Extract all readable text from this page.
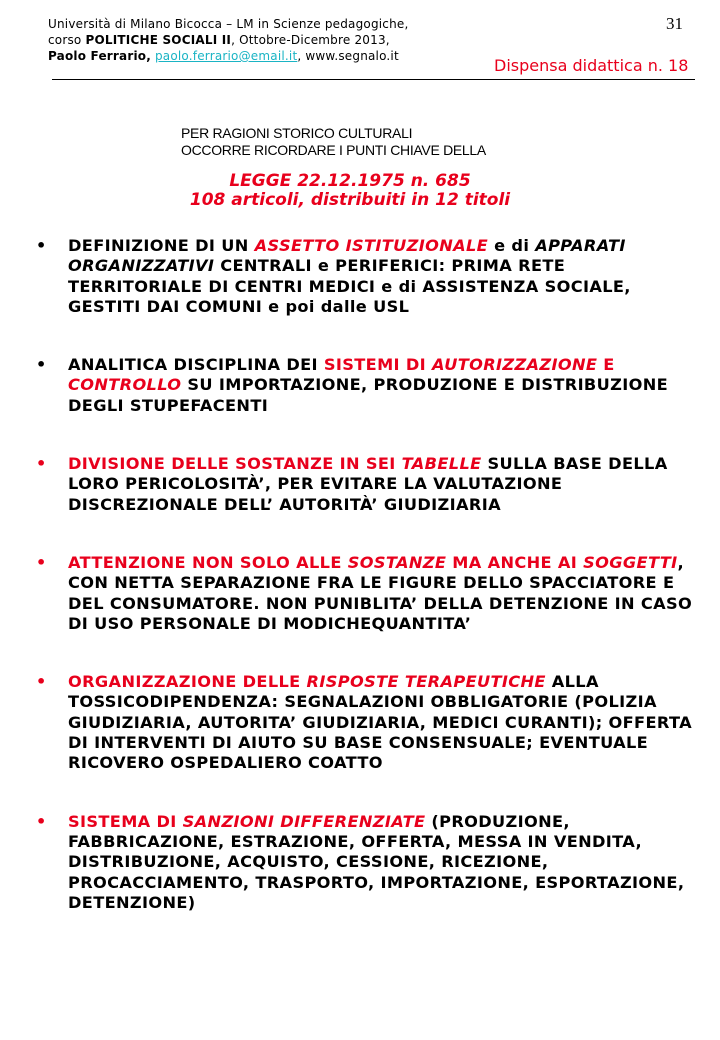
Università di Milano Bicocca – LM in Scienze pedagogiche,
corso POLITICHE SOCIALI II, Ottobre-Dicembre 2013,
Paolo Ferrario, paolo.ferrario@email.it, www.segnalo.it
31
Dispensa didattica n. 18
PER RAGIONI STORICO CULTURALI
OCCORRE RICORDARE I PUNTI CHIAVE DELLA
LEGGE 22.12.1975 n. 685
108 articoli, distribuiti in 12 titoli
• DEFINIZIONE DI UN ASSETTO ISTITUZIONALE e di APPARATI ORGANIZZATIVI CENTRALI e PERIFERICI: PRIMA RETE TERRITORIALE DI CENTRI MEDICI e di ASSISTENZA SOCIALE, GESTITI DAI COMUNI e poi dalle USL
• ANALITICA DISCIPLINA DEI SISTEMI DI AUTORIZZAZIONE E CONTROLLO SU IMPORTAZIONE, PRODUZIONE E DISTRIBUZIONE DEGLI STUPEFACENTI
• DIVISIONE DELLE SOSTANZE IN SEI TABELLE SULLA BASE DELLA LORO PERICOLOSITÀ’, PER EVITARE LA VALUTAZIONE DISCREZIONALE DELL’ AUTORITÀ’ GIUDIZIARIA
• ATTENZIONE NON SOLO ALLE SOSTANZE MA ANCHE AI SOGGETTI, CON NETTA SEPARAZIONE FRA LE FIGURE DELLO SPACCIATORE E DEL CONSUMATORE. NON PUNIBLITA’ DELLA DETENZIONE IN CASO DI USO PERSONALE DI MODICHEQUANTITA’
• ORGANIZZAZIONE DELLE RISPOSTE TERAPEUTICHE ALLA TOSSICODIPENDENZA: SEGNALAZIONI OBBLIGATORIE (POLIZIA GIUDIZIARIA, AUTORITA’ GIUDIZIARIA, MEDICI CURANTI); OFFERTA DI INTERVENTI DI AIUTO SU BASE CONSENSUALE; EVENTUALE RICOVERO OSPEDALIERO COATTO
• SISTEMA DI SANZIONI DIFFERENZIATE (PRODUZIONE, FABBRICAZIONE, ESTRAZIONE, OFFERTA, MESSA IN VENDITA, DISTRIBUZIONE, ACQUISTO, CESSIONE, RICEZIONE, PROCACCIAMENTO, TRASPORTO, IMPORTAZIONE, ESPORTAZIONE, DETENZIONE)
